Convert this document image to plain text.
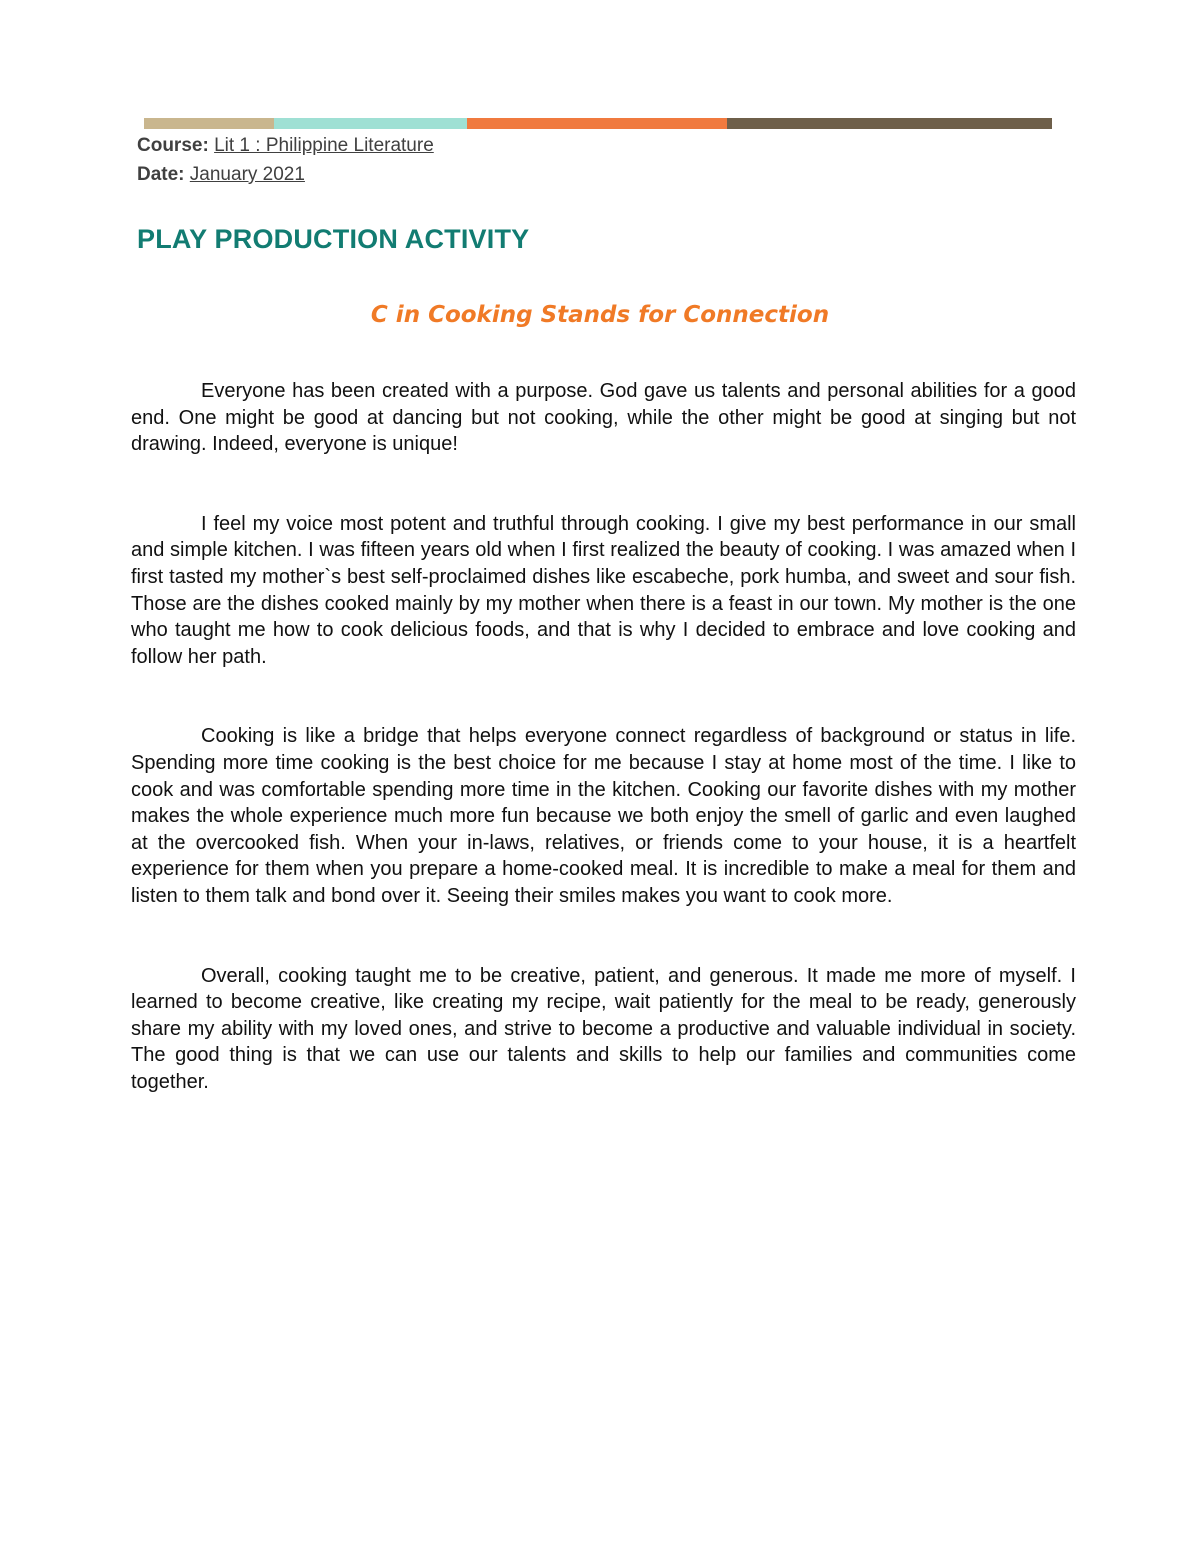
Course: Lit 1 : Philippine Literature
Date: January 2021
PLAY PRODUCTION ACTIVITY
C in Cooking Stands for Connection

Everyone has been created with a purpose. God gave us talents and personal abilities for a good end. One might be good at dancing but not cooking, while the other might be good at singing but not drawing. Indeed, everyone is unique!

I feel my voice most potent and truthful through cooking. I give my best performance in our small and simple kitchen. I was fifteen years old when I first realized the beauty of cooking. I was amazed when I first tasted my mother`s best self-proclaimed dishes like escabeche, pork humba, and sweet and sour fish. Those are the dishes cooked mainly by my mother when there is a feast in our town. My mother is the one who taught me how to cook delicious foods, and that is why I decided to embrace and love cooking and follow her path.

Cooking is like a bridge that helps everyone connect regardless of background or status in life. Spending more time cooking is the best choice for me because I stay at home most of the time. I like to cook and was comfortable spending more time in the kitchen. Cooking our favorite dishes with my mother makes the whole experience much more fun because we both enjoy the smell of garlic and even laughed at the overcooked fish. When your in-laws, relatives, or friends come to your house, it is a heartfelt experience for them when you prepare a home-cooked meal. It is incredible to make a meal for them and listen to them talk and bond over it. Seeing their smiles makes you want to cook more.

Overall, cooking taught me to be creative, patient, and generous. It made me more of myself. I learned to become creative, like creating my recipe, wait patiently for the meal to be ready, generously share my ability with my loved ones, and strive to become a productive and valuable individual in society. The good thing is that we can use our talents and skills to help our families and communities come together.
